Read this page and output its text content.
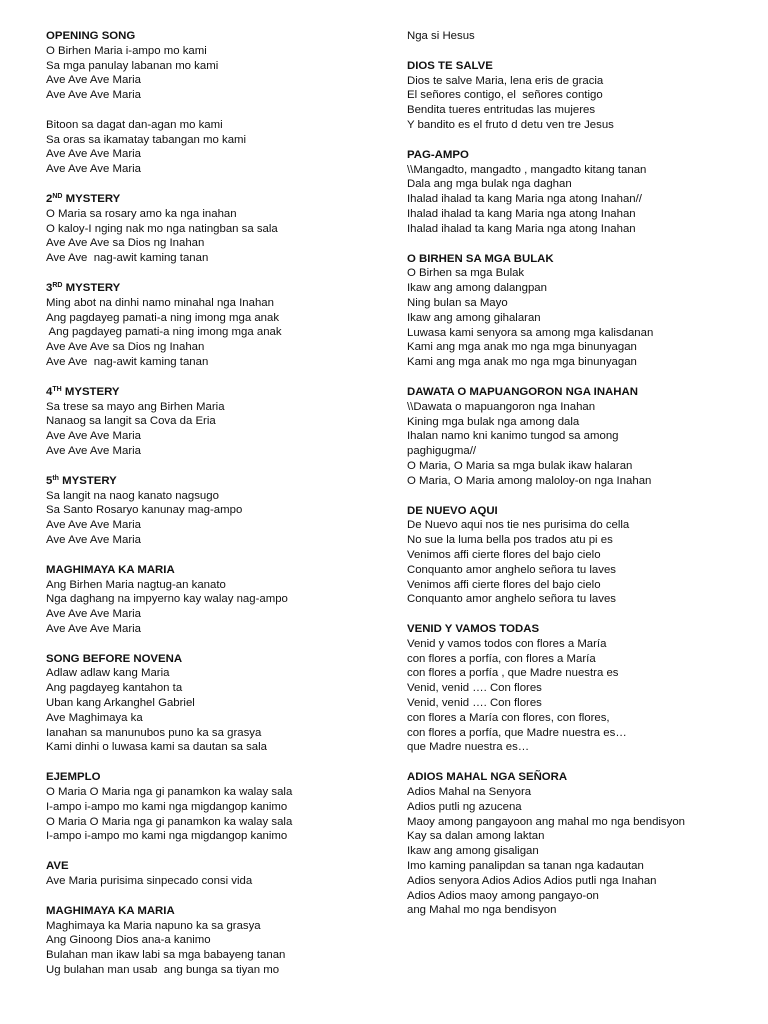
OPENING SONG
O Birhen Maria i-ampo mo kami
Sa mga panulay labanan mo kami
Ave Ave Ave Maria
Ave Ave Ave Maria
Bitoon sa dagat dan-agan mo kami
Sa oras sa ikamatay tabangan mo kami
Ave Ave Ave Maria
Ave Ave Ave Maria
2ND MYSTERY
O Maria sa rosary amo ka nga inahan
O kaloy-I nging nak mo nga natingban sa sala
Ave Ave Ave sa Dios ng Inahan
Ave Ave  nag-awit kaming tanan
3RD MYSTERY
Ming abot na dinhi namo minahal nga Inahan
Ang pagdayeg pamati-a ning imong mga anak
Ang pagdayeg pamati-a ning imong mga anak
Ave Ave Ave sa Dios ng Inahan
Ave Ave  nag-awit kaming tanan
4TH MYSTERY
Sa trese sa mayo ang Birhen Maria
Nanaog sa langit sa Cova da Eria
Ave Ave Ave Maria
Ave Ave Ave Maria
5th MYSTERY
Sa langit na naog kanato nagsugo
Sa Santo Rosaryo kanunay mag-ampo
Ave Ave Ave Maria
Ave Ave Ave Maria
MAGHIMAYA KA MARIA
Ang Birhen Maria nagtug-an kanato
Nga daghang na impyerno kay walay nag-ampo
Ave Ave Ave Maria
Ave Ave Ave Maria
SONG BEFORE NOVENA
Adlaw adlaw kang Maria
Ang pagdayeg kantahon ta
Uban kang Arkanghel Gabriel
Ave Maghimaya ka
Ianahan sa manunubos puno ka sa grasya
Kami dinhi o luwasa kami sa dautan sa sala
EJEMPLO
O Maria O Maria nga gi panamkon ka walay sala
I-ampo i-ampo mo kami nga migdangop kanimo
O Maria O Maria nga gi panamkon ka walay sala
I-ampo i-ampo mo kami nga migdangop kanimo
AVE
Ave Maria purisima sinpecado consi vida
MAGHIMAYA KA MARIA
Maghimaya ka Maria napuno ka sa grasya
Ang Ginoong Dios ana-a kanimo
Bulahan man ikaw labi sa mga babayeng tanan
Ug bulahan man usab  ang bunga sa tiyan mo
Nga si Hesus
DIOS TE SALVE
Dios te salve Maria, lena eris de gracia
El señores contigo, el  señores contigo
Bendita tueres entritudas las mujeres
Y bandito es el fruto d detu ven tre Jesus
PAG-AMPO
\\Mangadto, mangadto , mangadto kitang tanan
Dala ang mga bulak nga daghan
Ihalad ihalad ta kang Maria nga atong Inahan//
Ihalad ihalad ta kang Maria nga atong Inahan
Ihalad ihalad ta kang Maria nga atong Inahan
O BIRHEN SA MGA BULAK
O Birhen sa mga Bulak
Ikaw ang among dalangpan
Ning bulan sa Mayo
Ikaw ang among gihalaran
Luwasa kami senyora sa among mga kalisdanan
Kami ang mga anak mo nga mga binunyagan
Kami ang mga anak mo nga mga binunyagan
DAWATA O MAPUANGORON NGA INAHAN
\\Dawata o mapuangoron nga Inahan
Kining mga bulak nga among dala
Ihalan namo kni kanimo tungod sa among
paghigugma//
O Maria, O Maria sa mga bulak ikaw halaran
O Maria, O Maria among maloloy-on nga Inahan
DE NUEVO AQUI
De Nuevo aqui nos tie nes purisima do cella
No sue la luma bella pos trados atu pi es
Venimos affi cierte flores del bajo cielo
Conquanto amor anghelo señora tu laves
Venimos affi cierte flores del bajo cielo
Conquanto amor anghelo señora tu laves
VENID Y VAMOS TODAS
Venid y vamos todos con flores a María
con flores a porfía, con flores a María
con flores a porfía , que Madre nuestra es
Venid, venid …. Con flores
Venid, venid …. Con flores
con flores a María con flores, con flores,
con flores a porfía, que Madre nuestra es…
que Madre nuestra es…
ADIOS MAHAL NGA SEÑORA
Adios Mahal na Senyora
Adios putli ng azucena
Maoy among pangayoon ang mahal mo nga bendisyon
Kay sa dalan among laktan
Ikaw ang among gisaligan
Imo kaming panalipdan sa tanan nga kadautan
Adios senyora Adios Adios Adios putli nga Inahan
Adios Adios maoy among pangayo-on
ang Mahal mo nga bendisyon
